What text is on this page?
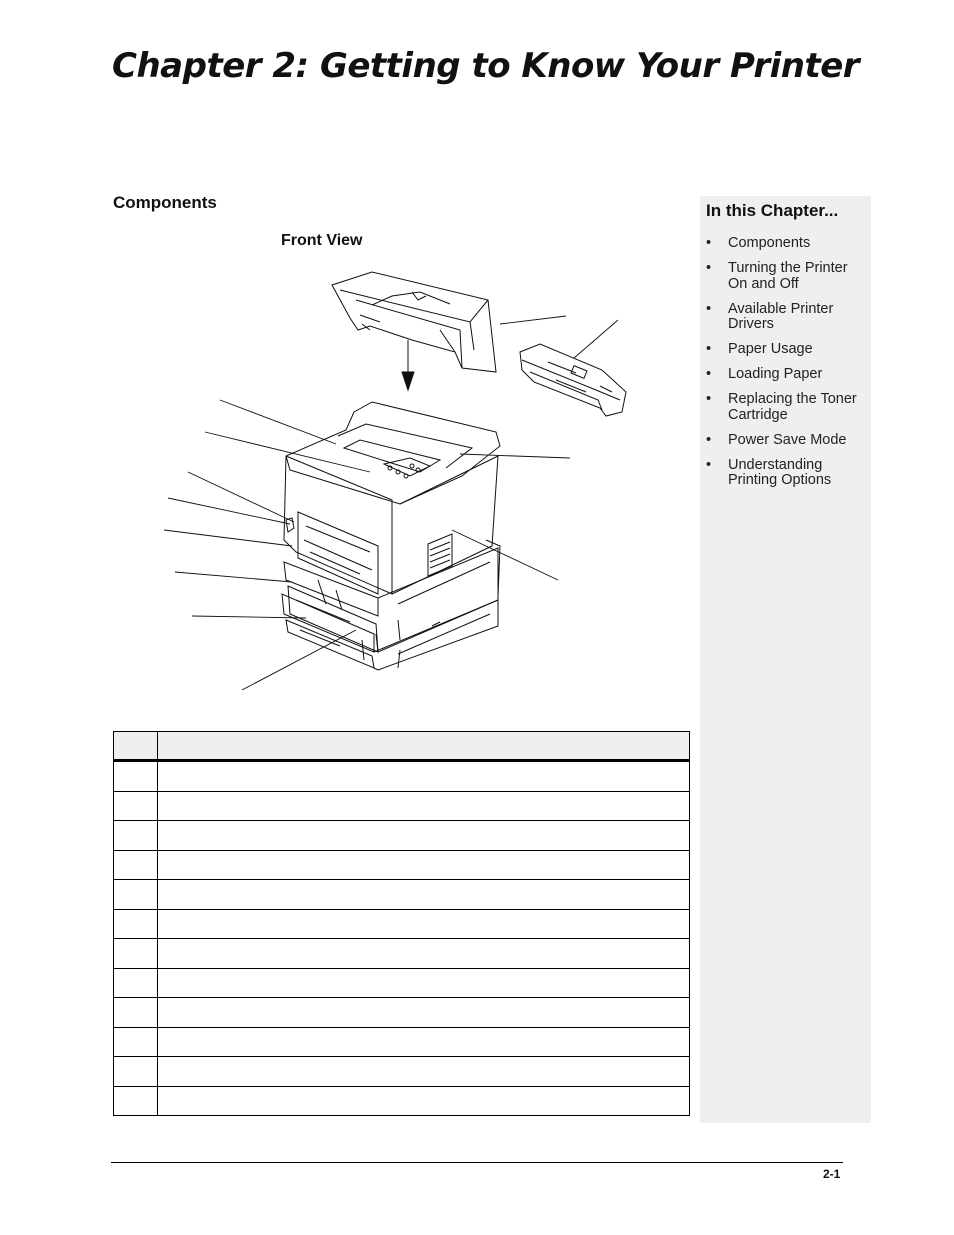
Chapter 2: Getting to Know Your Printer
Components
Front View
In this Chapter...
• Components
• Turning the Printer On and Off
• Available Printer Drivers
• Paper Usage
• Loading Paper
• Replacing the Toner Cartridge
• Power Save Mode
• Understanding Printing Options

2-1
